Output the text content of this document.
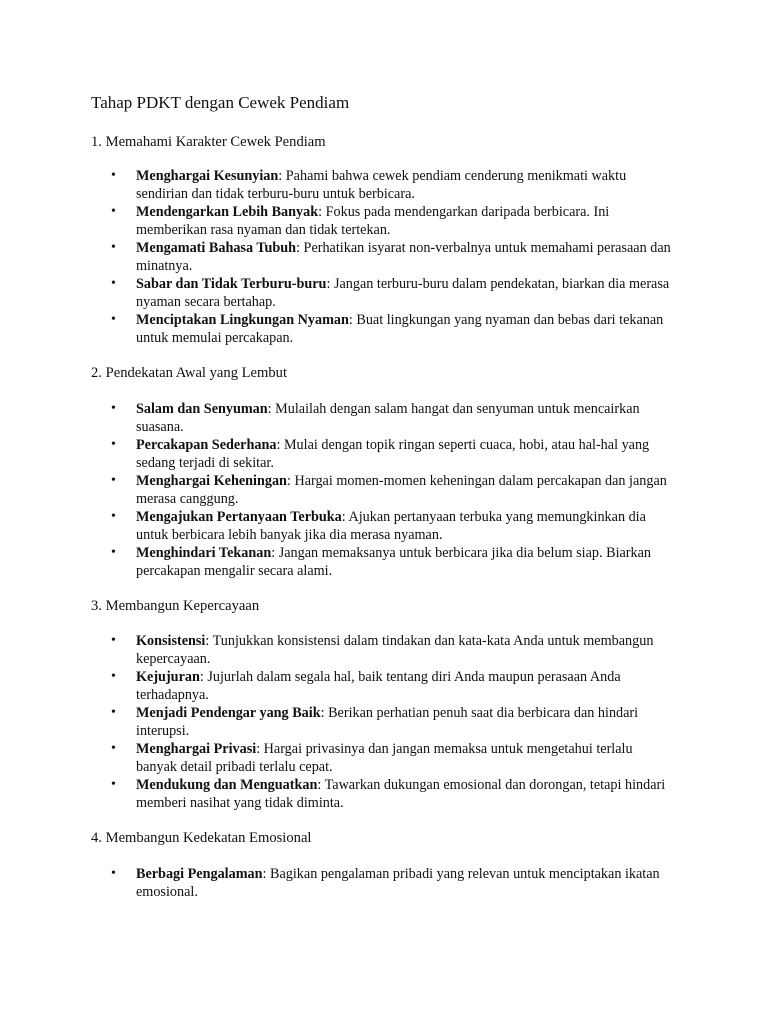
Tahap PDKT dengan Cewek Pendiam
1. Memahami Karakter Cewek Pendiam
• Menghargai Kesunyian: Pahami bahwa cewek pendiam cenderung menikmati waktu sendirian dan tidak terburu-buru untuk berbicara.
• Mendengarkan Lebih Banyak: Fokus pada mendengarkan daripada berbicara. Ini memberikan rasa nyaman dan tidak tertekan.
• Mengamati Bahasa Tubuh: Perhatikan isyarat non-verbalnya untuk memahami perasaan dan minatnya.
• Sabar dan Tidak Terburu-buru: Jangan terburu-buru dalam pendekatan, biarkan dia merasa nyaman secara bertahap.
• Menciptakan Lingkungan Nyaman: Buat lingkungan yang nyaman dan bebas dari tekanan untuk memulai percakapan.
2. Pendekatan Awal yang Lembut
• Salam dan Senyuman: Mulailah dengan salam hangat dan senyuman untuk mencairkan suasana.
• Percakapan Sederhana: Mulai dengan topik ringan seperti cuaca, hobi, atau hal-hal yang sedang terjadi di sekitar.
• Menghargai Keheningan: Hargai momen-momen keheningan dalam percakapan dan jangan merasa canggung.
• Mengajukan Pertanyaan Terbuka: Ajukan pertanyaan terbuka yang memungkinkan dia untuk berbicara lebih banyak jika dia merasa nyaman.
• Menghindari Tekanan: Jangan memaksanya untuk berbicara jika dia belum siap. Biarkan percakapan mengalir secara alami.
3. Membangun Kepercayaan
• Konsistensi: Tunjukkan konsistensi dalam tindakan dan kata-kata Anda untuk membangun kepercayaan.
• Kejujuran: Jujurlah dalam segala hal, baik tentang diri Anda maupun perasaan Anda terhadapnya.
• Menjadi Pendengar yang Baik: Berikan perhatian penuh saat dia berbicara dan hindari interupsi.
• Menghargai Privasi: Hargai privasinya dan jangan memaksa untuk mengetahui terlalu banyak detail pribadi terlalu cepat.
• Mendukung dan Menguatkan: Tawarkan dukungan emosional dan dorongan, tetapi hindari memberi nasihat yang tidak diminta.
4. Membangun Kedekatan Emosional
• Berbagi Pengalaman: Bagikan pengalaman pribadi yang relevan untuk menciptakan ikatan emosional.
